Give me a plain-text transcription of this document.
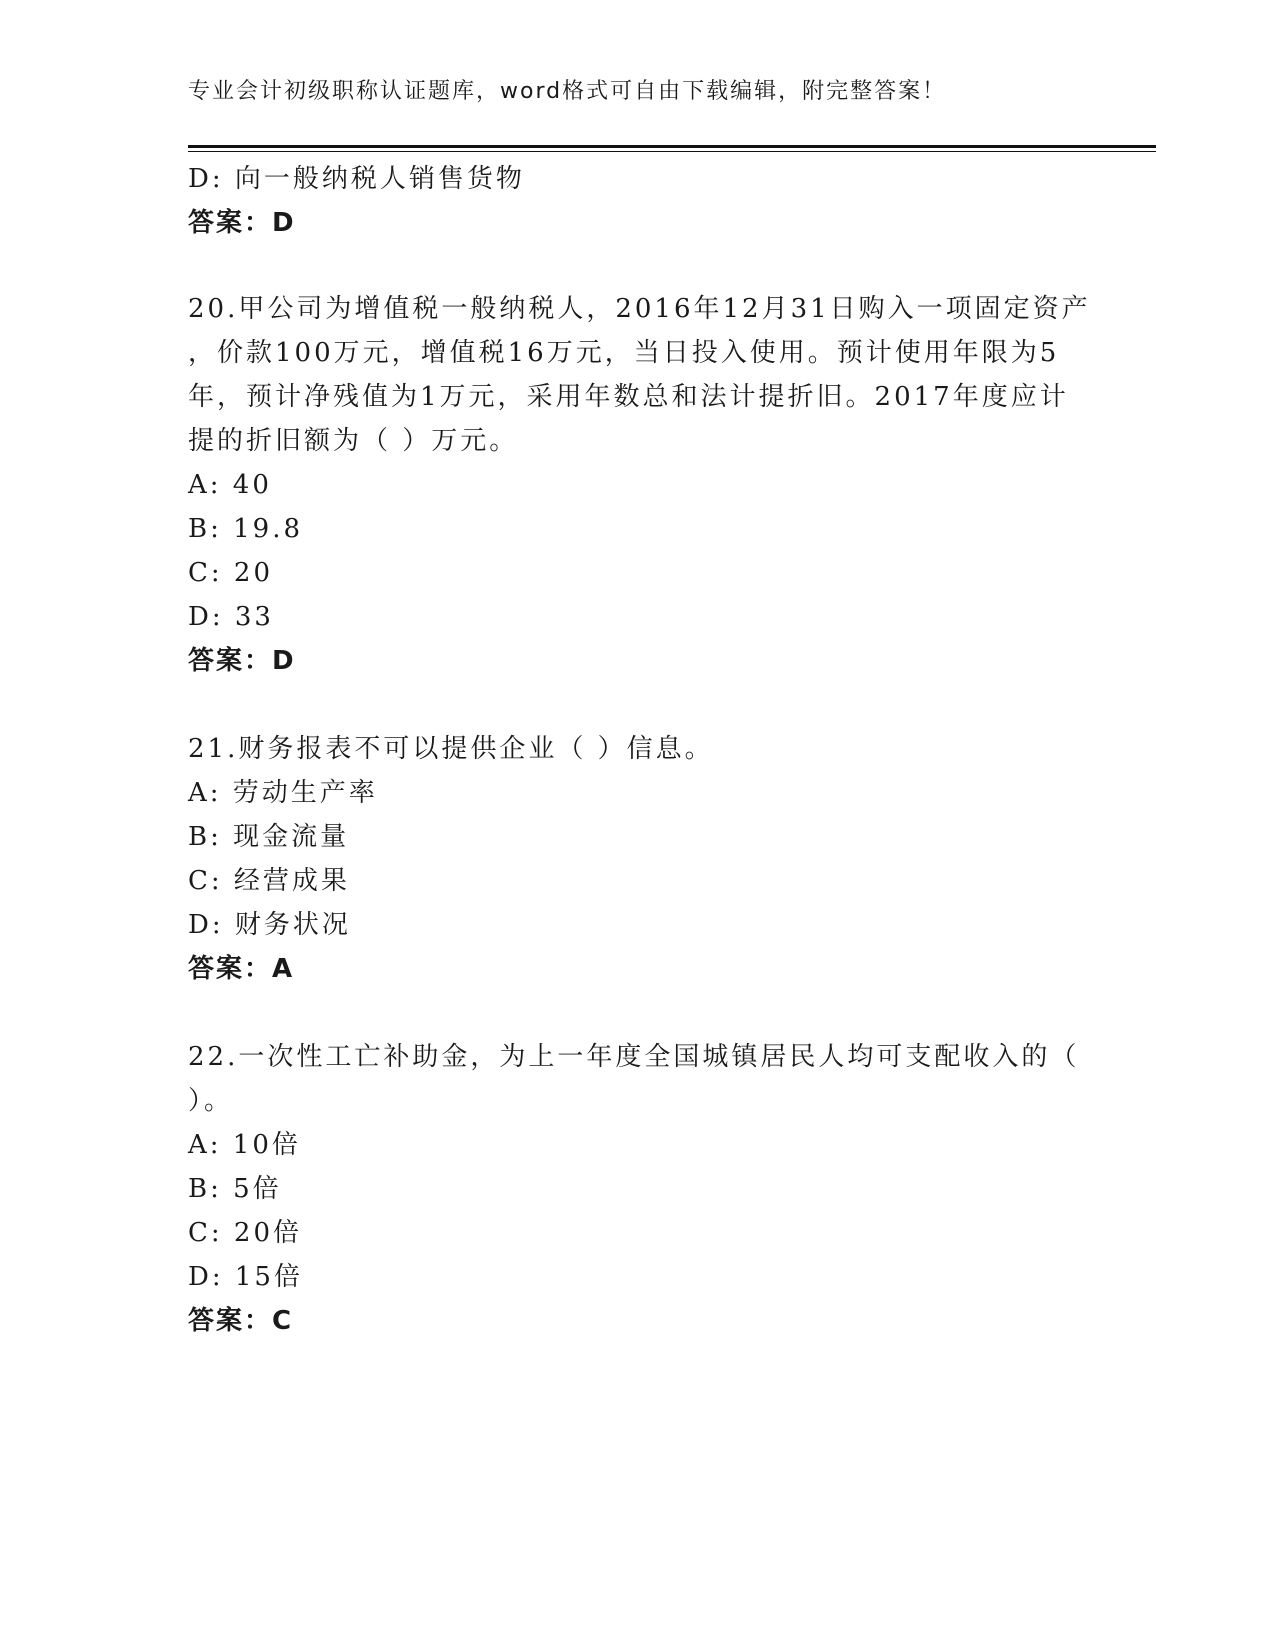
专业会计初级职称认证题库，word格式可自由下载编辑，附完整答案！
D: 向一般纳税人销售货物
答案：D
20.甲公司为增值税一般纳税人，2016年12月31日购入一项固定资产
，价款100万元，增值税16万元，当日投入使用。预计使用年限为5
年，预计净残值为1万元，采用年数总和法计提折旧。2017年度应计
提的折旧额为（ ）万元。
A: 40
B: 19.8
C: 20
D: 33
答案：D
21.财务报表不可以提供企业（ ）信息。
A: 劳动生产率
B: 现金流量
C: 经营成果
D: 财务状况
答案：A
22.一次性工亡补助金，为上一年度全国城镇居民人均可支配收入的（
）。
A: 10倍
B: 5倍
C: 20倍
D: 15倍
答案：C
